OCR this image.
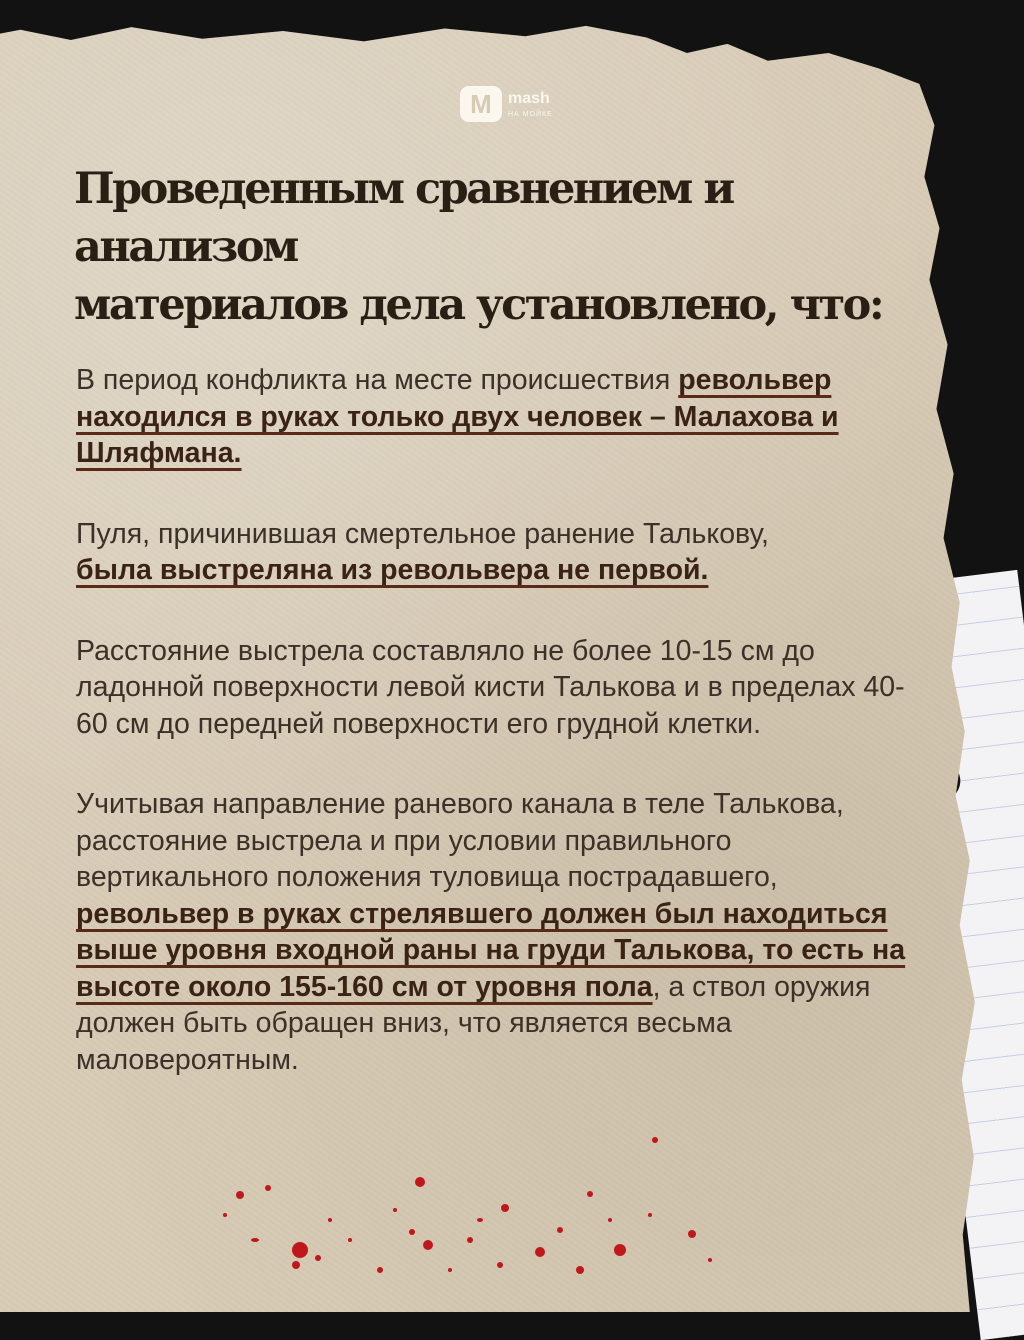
M
mash
НА МОЙКЕ
Проведенным сравнением и анализом
материалов дела установлено, что:

В период конфликта на месте происшествия револьвер находился в руках только двух человек – Малахова и Шляфмана.

Пуля, причинившая смертельное ранение Талькову,
была выстреляна из револьвера не первой.

Расстояние выстрела составляло не более 10-15 см до ладонной поверхности левой кисти Талькова и в пределах 40-60 см до передней поверхности его грудной клетки.

Учитывая направление раневого канала в теле Талькова, расстояние выстрела и при условии правильного вертикального положения туловища пострадавшего,
револьвер в руках стрелявшего должен был находиться выше уровня входной раны на груди Талькова, то есть на высоте около 155-160 см от уровня пола, а ствол оружия должен быть обращен вниз, что является весьма маловероятным.
